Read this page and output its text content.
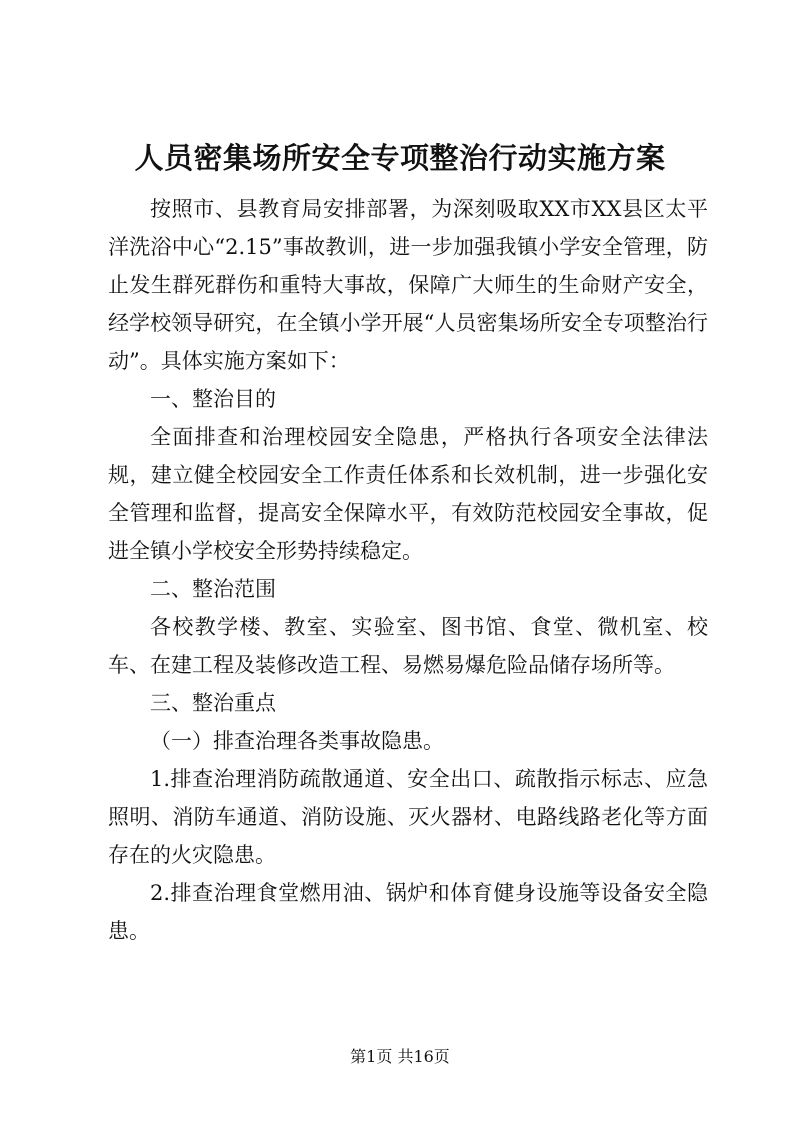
人员密集场所安全专项整治行动实施方案

按照市、县教育局安排部署，为深刻吸取XX市XX县区太平洋洗浴中心“2.15”事故教训，进一步加强我镇小学安全管理，防止发生群死群伤和重特大事故，保障广大师生的生命财产安全，经学校领导研究，在全镇小学开展“人员密集场所安全专项整治行动”。具体实施方案如下：

一、整治目的

全面排查和治理校园安全隐患，严格执行各项安全法律法规，建立健全校园安全工作责任体系和长效机制，进一步强化安全管理和监督，提高安全保障水平，有效防范校园安全事故，促进全镇小学校安全形势持续稳定。

二、整治范围

各校教学楼、教室、实验室、图书馆、食堂、微机室、校车、在建工程及装修改造工程、易燃易爆危险品储存场所等。

三、整治重点

（一）排查治理各类事故隐患。

1.排查治理消防疏散通道、安全出口、疏散指示标志、应急照明、消防车通道、消防设施、灭火器材、电路线路老化等方面存在的火灾隐患。

2.排查治理食堂燃用油、锅炉和体育健身设施等设备安全隐患。

第1页 共16页
